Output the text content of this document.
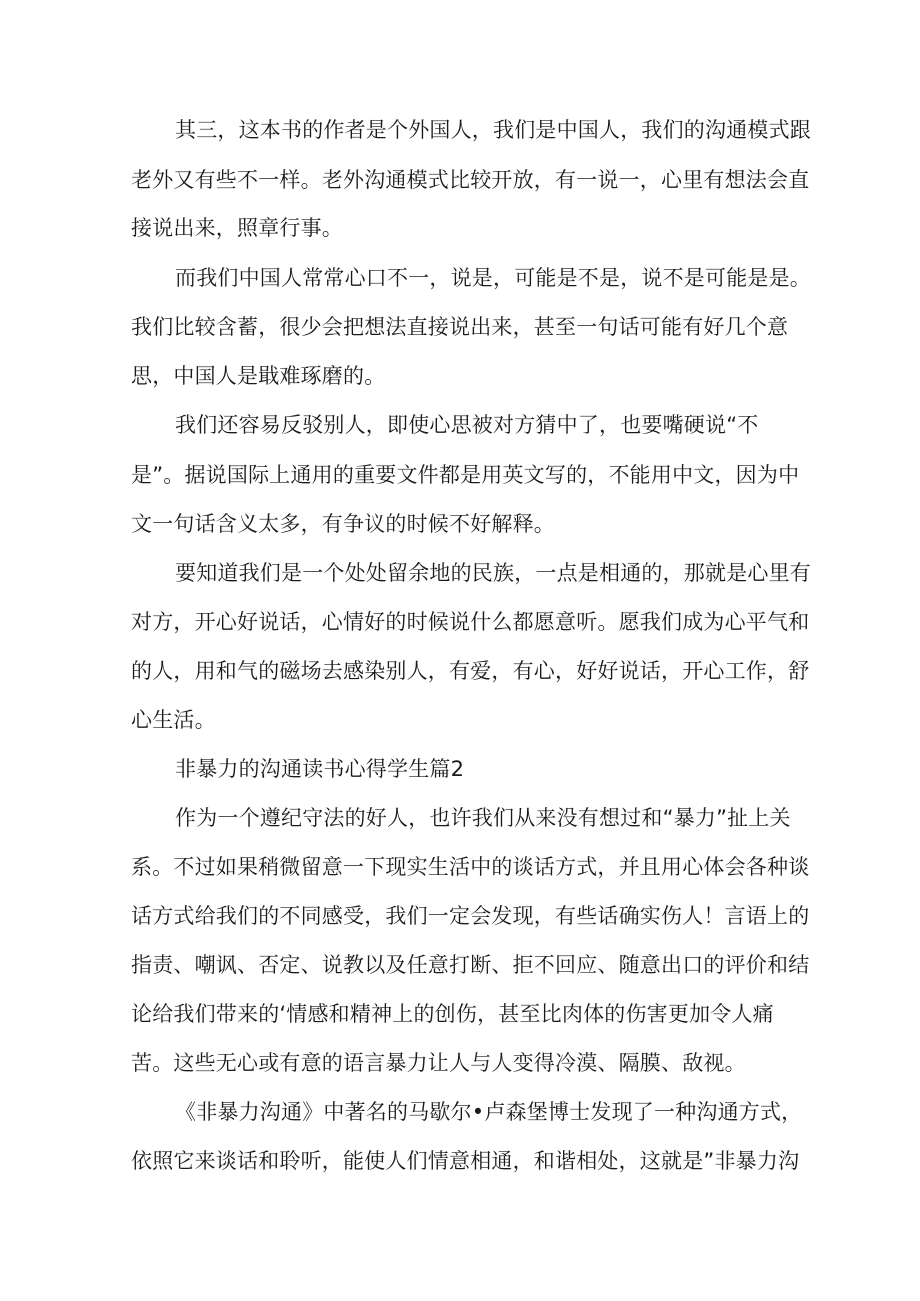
其三，这本书的作者是个外国人，我们是中国人，我们的沟通模式跟
老外又有些不一样。老外沟通模式比较开放，有一说一，心里有想法会直
接说出来，照章行事。
而我们中国人常常心口不一，说是，可能是不是，说不是可能是是。
我们比较含蓄，很少会把想法直接说出来，甚至一句话可能有好几个意
思，中国人是戢难琢磨的。
我们还容易反驳别人，即使心思被对方猜中了，也要嘴硬说“不
是”。据说国际上通用的重要文件都是用英文写的，不能用中文，因为中
文一句话含义太多，有争议的时候不好解释。
要知道我们是一个处处留余地的民族，一点是相通的，那就是心里有
对方，开心好说话，心情好的时候说什么都愿意听。愿我们成为心平气和
的人，用和气的磁场去感染别人，有爱，有心，好好说话，开心工作，舒
心生活。
非暴力的沟通读书心得学生篇2
作为一个遵纪守法的好人，也许我们从来没有想过和“暴力”扯上关
系。不过如果稍微留意一下现实生活中的谈话方式，并且用心体会各种谈
话方式给我们的不同感受，我们一定会发现，有些话确实伤人！言语上的
指责、嘲讽、否定、说教以及任意打断、拒不回应、随意出口的评价和结
论给我们带来的‘情感和精神上的创伤，甚至比肉体的伤害更加令人痛
苦。这些无心或有意的语言暴力让人与人变得冷漠、隔膜、敌视。
《非暴力沟通》中著名的马歇尔•卢森堡博士发现了一种沟通方式，
依照它来谈话和聆听，能使人们情意相通，和谐相处，这就是”非暴力沟
